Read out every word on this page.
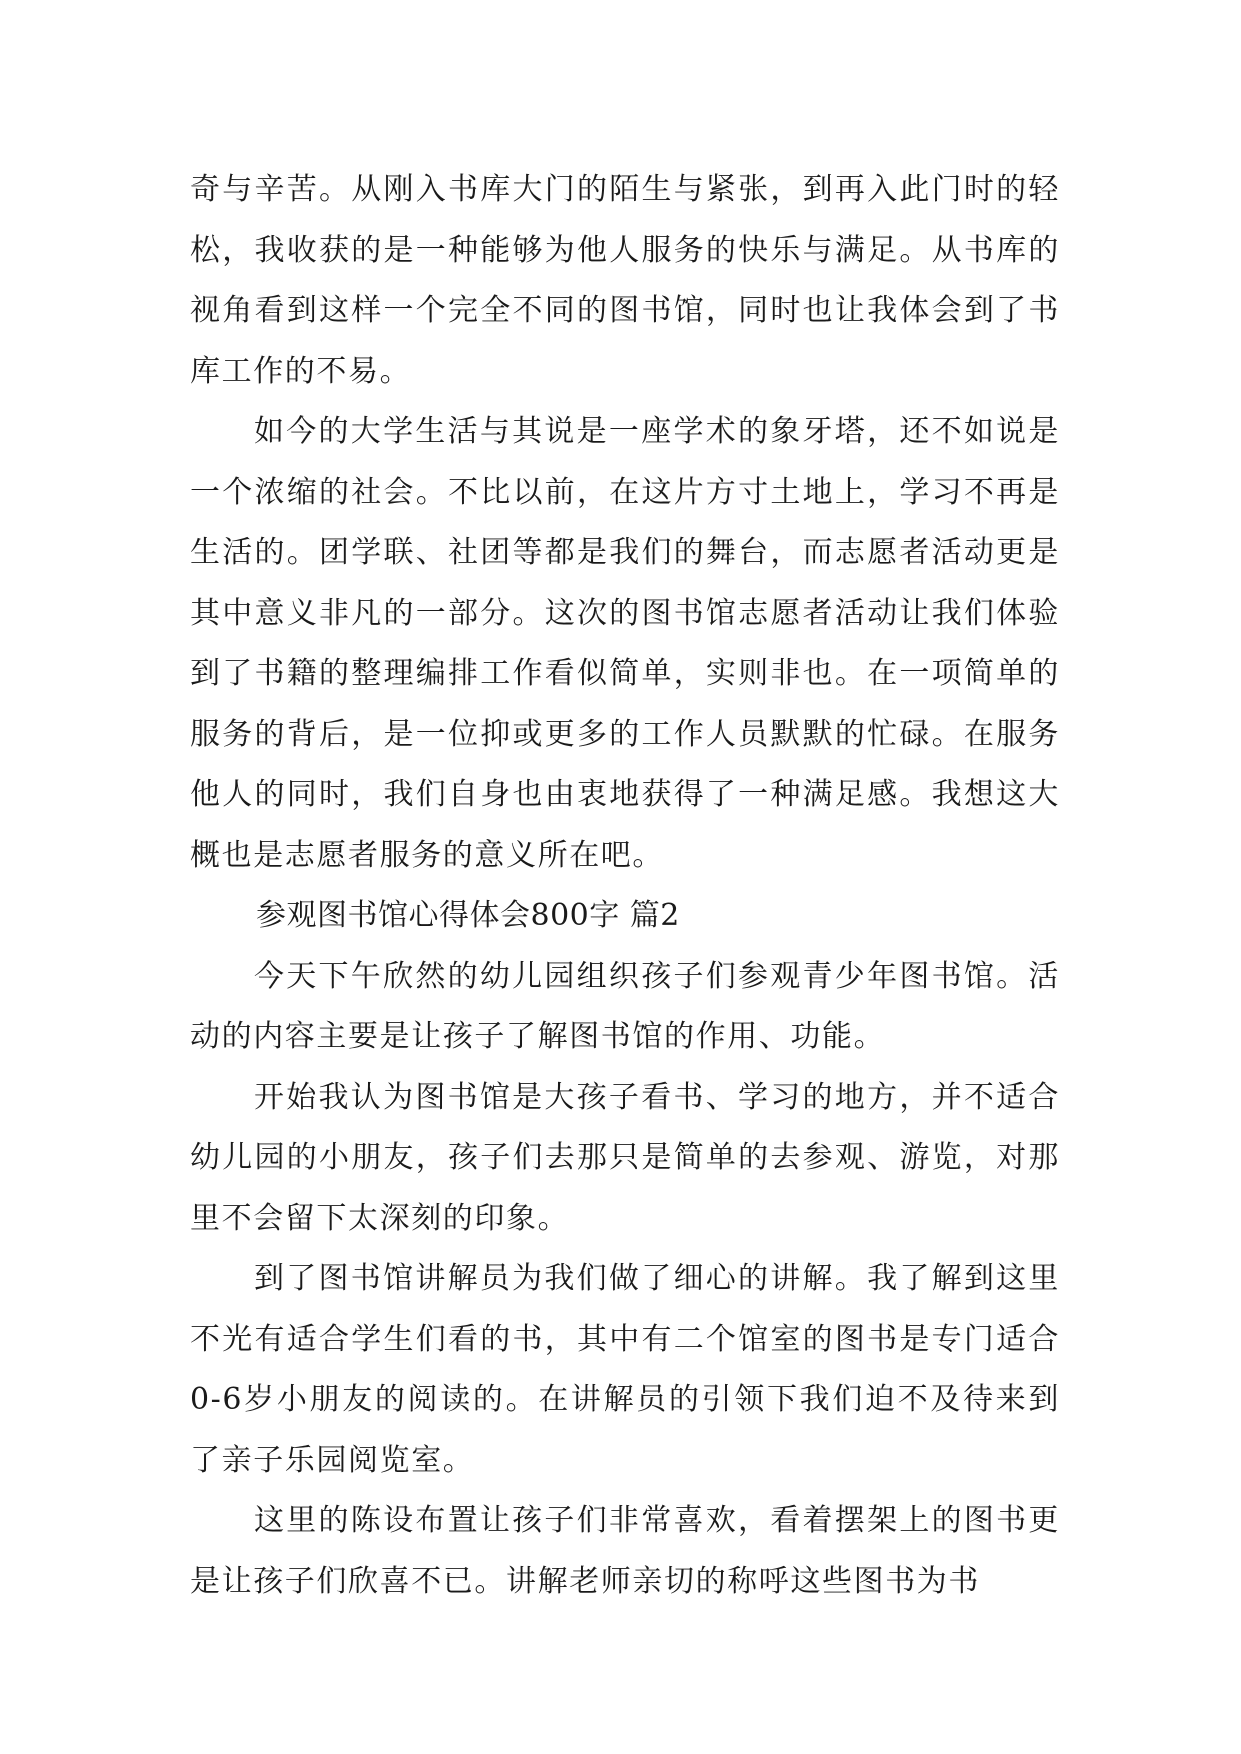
奇与辛苦。从刚入书库大门的陌生与紧张，到再入此门时的轻松，我收获的是一种能够为他人服务的快乐与满足。从书库的视角看到这样一个完全不同的图书馆，同时也让我体会到了书库工作的不易。

如今的大学生活与其说是一座学术的象牙塔，还不如说是一个浓缩的社会。不比以前，在这片方寸土地上，学习不再是生活的。团学联、社团等都是我们的舞台，而志愿者活动更是其中意义非凡的一部分。这次的图书馆志愿者活动让我们体验到了书籍的整理编排工作看似简单，实则非也。在一项简单的服务的背后，是一位抑或更多的工作人员默默的忙碌。在服务他人的同时，我们自身也由衷地获得了一种满足感。我想这大概也是志愿者服务的意义所在吧。

参观图书馆心得体会800字 篇2

今天下午欣然的幼儿园组织孩子们参观青少年图书馆。活动的内容主要是让孩子了解图书馆的作用、功能。

开始我认为图书馆是大孩子看书、学习的地方，并不适合幼儿园的小朋友，孩子们去那只是简单的去参观、游览，对那里不会留下太深刻的印象。

到了图书馆讲解员为我们做了细心的讲解。我了解到这里不光有适合学生们看的书，其中有二个馆室的图书是专门适合0-6岁小朋友的阅读的。在讲解员的引领下我们迫不及待来到了亲子乐园阅览室。

这里的陈设布置让孩子们非常喜欢，看着摆架上的图书更是让孩子们欣喜不已。讲解老师亲切的称呼这些图书为书
